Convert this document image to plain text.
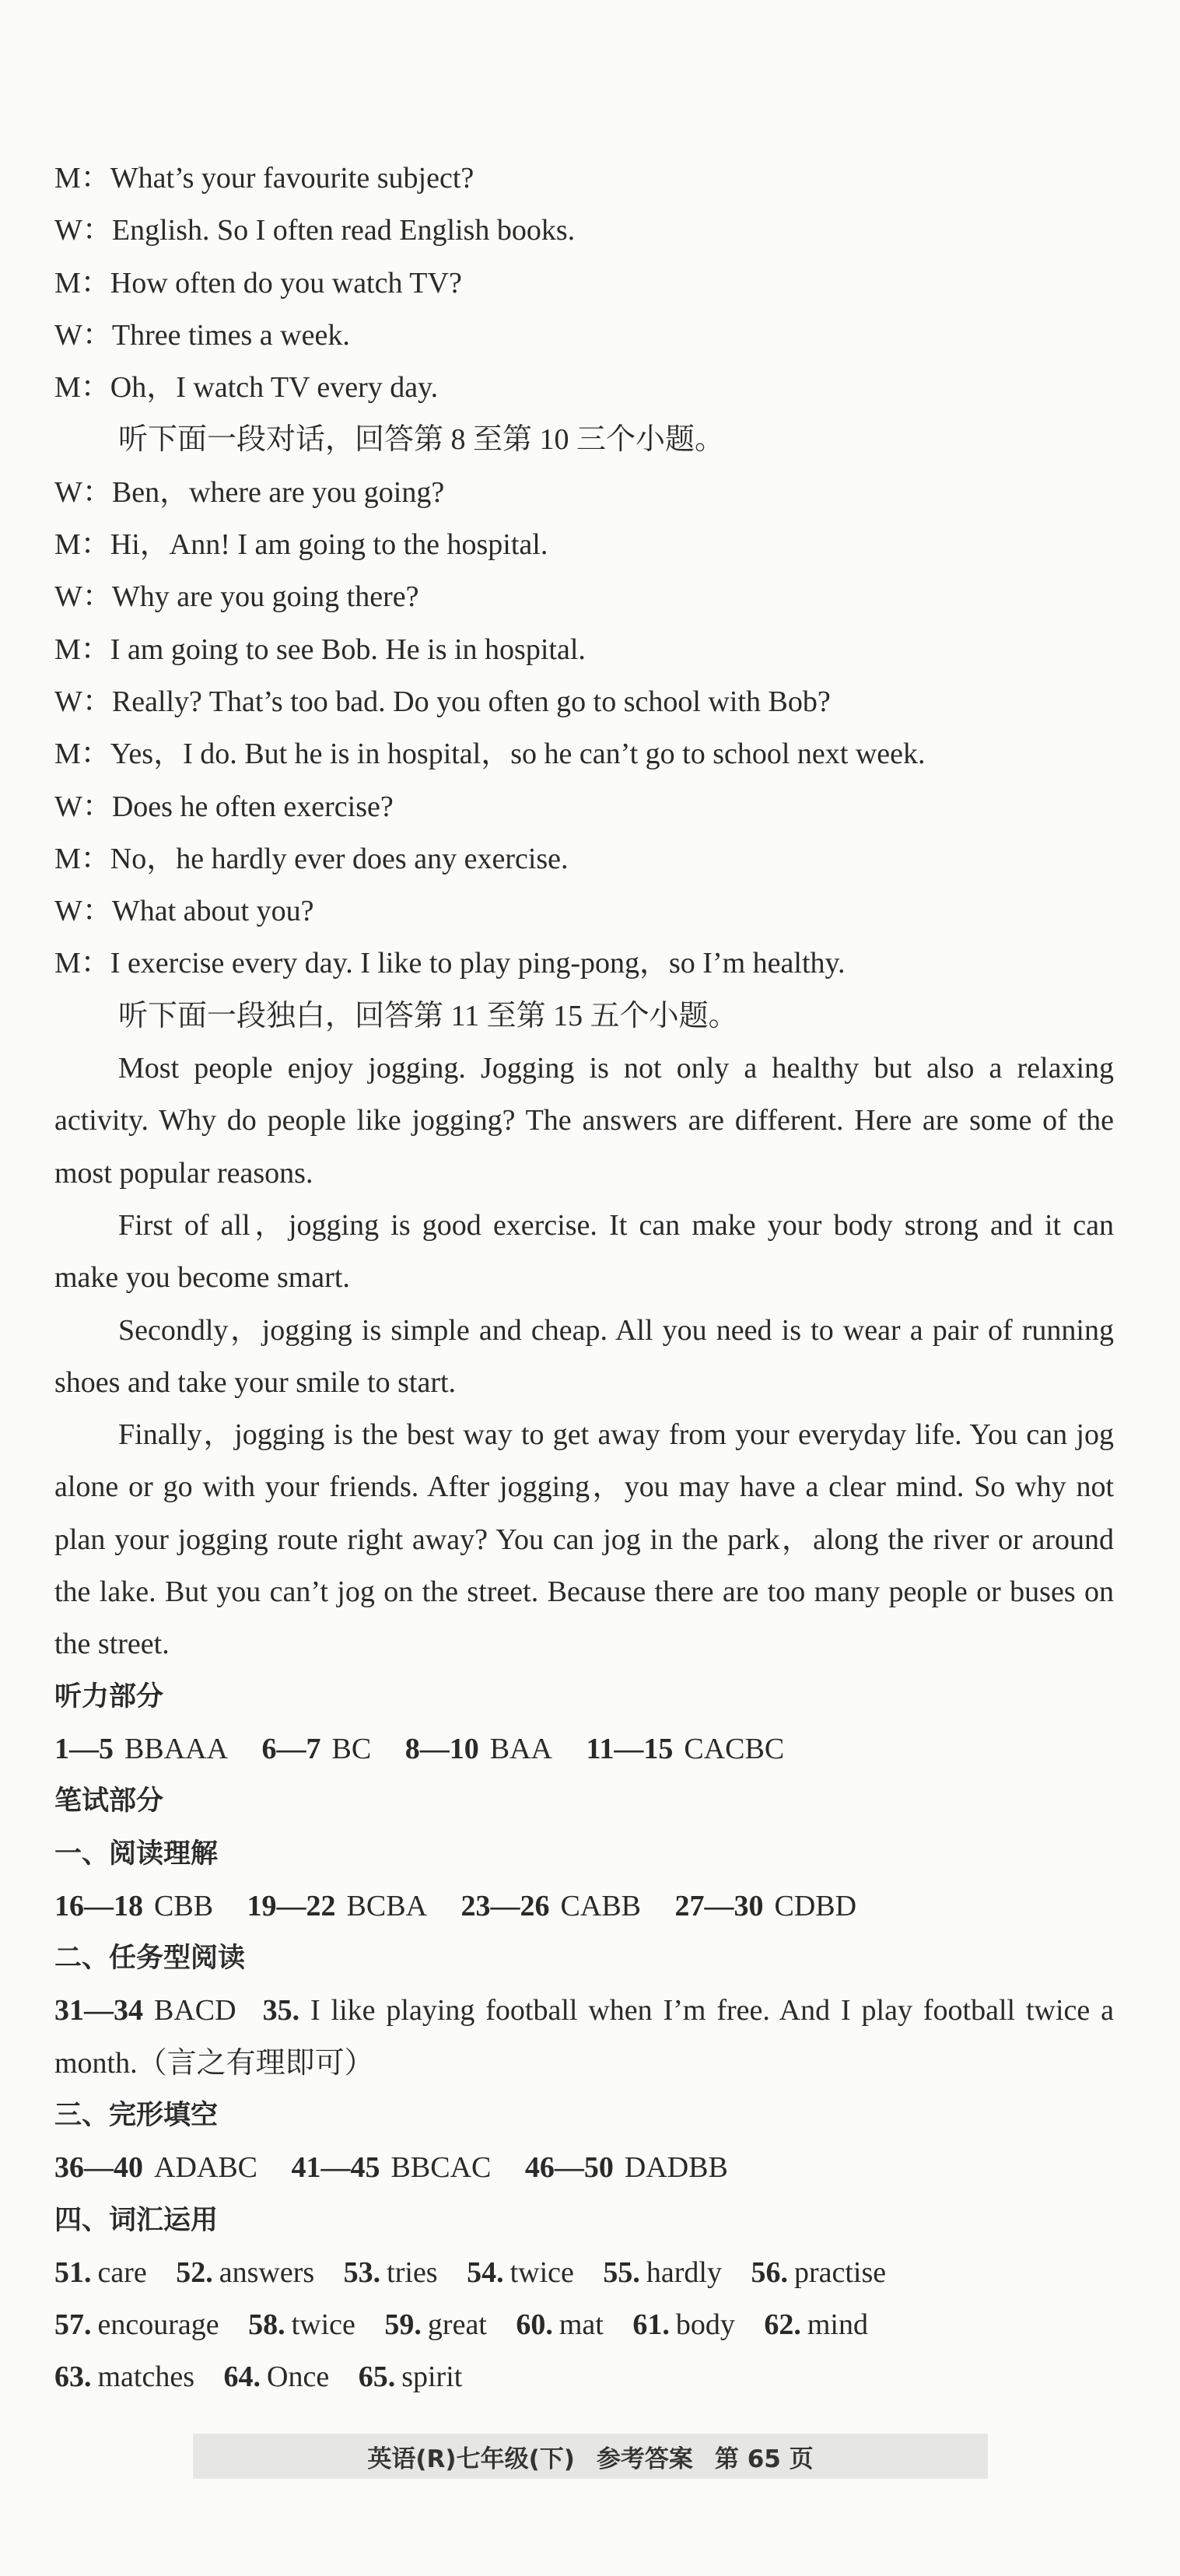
M：What’s your favourite subject?
W：English. So I often read English books.
M：How often do you watch TV?
W：Three times a week.
M：Oh，I watch TV every day.
听下面一段对话，回答第 8 至第 10 三个小题。
W：Ben，where are you going?
M：Hi，Ann! I am going to the hospital.
W：Why are you going there?
M：I am going to see Bob. He is in hospital.
W：Really? That’s too bad. Do you often go to school with Bob?
M：Yes，I do. But he is in hospital，so he can’t go to school next week.
W：Does he often exercise?
M：No，he hardly ever does any exercise.
W：What about you?
M：I exercise every day. I like to play ping-pong，so I’m healthy.
听下面一段独白，回答第 11 至第 15 五个小题。
Most people enjoy jogging. Jogging is not only a healthy but also a relaxing activity. Why do people like jogging? The answers are different. Here are some of the most popular reasons.
First of all，jogging is good exercise. It can make your body strong and it can make you become smart.
Secondly，jogging is simple and cheap. All you need is to wear a pair of running shoes and take your smile to start.
Finally，jogging is the best way to get away from your everyday life. You can jog alone or go with your friends. After jogging，you may have a clear mind. So why not plan your jogging route right away? You can jog in the park，along the river or around the lake. But you can’t jog on the street. Because there are too many people or buses on the street.
听力部分
1—5 BBAAA 6—7 BC 8—10 BAA 11—15 CACBC
笔试部分
一、阅读理解
16—18 CBB 19—22 BCBA 23—26 CABB 27—30 CDBD
二、任务型阅读
31—34 BACD 35. I like playing football when I’m free. And I play football twice a month.（言之有理即可）
三、完形填空
36—40 ADABC 41—45 BBCAC 46—50 DADBB
四、词汇运用
51. care 52. answers 53. tries 54. twice 55. hardly 56. practise
57. encourage 58. twice 59. great 60. mat 61. body 62. mind
63. matches 64. Once 65. spirit
英语(R)七年级(下) 参考答案 第 65 页
